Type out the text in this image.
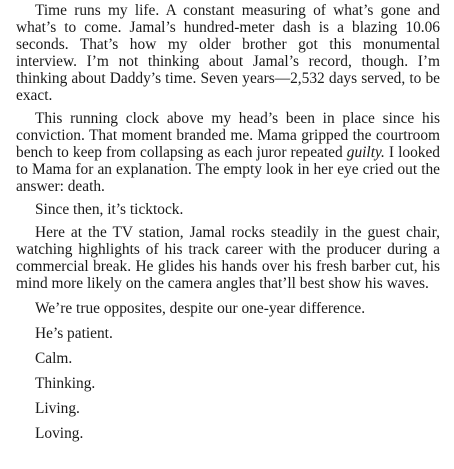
Time runs my life. A constant measuring of what’s gone and what’s to come. Jamal’s hundred-meter dash is a blazing 10.06 seconds. That’s how my older brother got this monumental interview. I’m not thinking about Jamal’s record, though. I’m thinking about Daddy’s time. Seven years—2,532 days served, to be exact.

This running clock above my head’s been in place since his conviction. That moment branded me. Mama gripped the courtroom bench to keep from collapsing as each juror repeated guilty. I looked to Mama for an explanation. The empty look in her eye cried out the answer: death.

Since then, it’s ticktock.

Here at the TV station, Jamal rocks steadily in the guest chair, watching highlights of his track career with the producer during a commercial break. He glides his hands over his fresh barber cut, his mind more likely on the camera angles that’ll best show his waves.

We’re true opposites, despite our one-year difference.

He’s patient.

Calm.

Thinking.

Living.

Loving.
